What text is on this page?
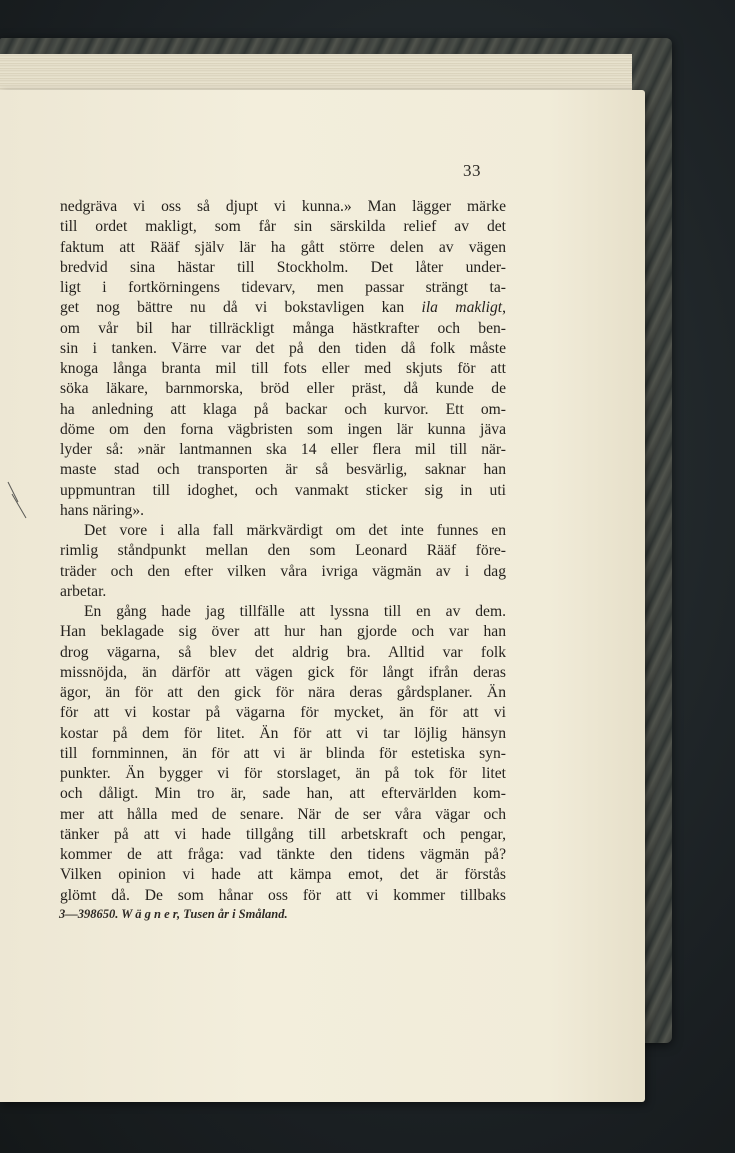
33
nedgräva vi oss så djupt vi kunna.» Man lägger märke
till ordet makligt, som får sin särskilda relief av det
faktum att Rääf själv lär ha gått större delen av vägen
bredvid sina hästar till Stockholm. Det låter under-
ligt i fortkörningens tidevarv, men passar strängt ta-
get nog bättre nu då vi bokstavligen kan ila makligt,
om vår bil har tillräckligt många hästkrafter och ben-
sin i tanken. Värre var det på den tiden då folk måste
knoga långa branta mil till fots eller med skjuts för att
söka läkare, barnmorska, bröd eller präst, då kunde de
ha anledning att klaga på backar och kurvor. Ett om-
döme om den forna vägbristen som ingen lär kunna jäva
lyder så: »när lantmannen ska 14 eller flera mil till när-
maste stad och transporten är så besvärlig, saknar han
uppmuntran till idoghet, och vanmakt sticker sig in uti
hans näring».
Det vore i alla fall märkvärdigt om det inte funnes en
rimlig ståndpunkt mellan den som Leonard Rääf före-
träder och den efter vilken våra ivriga vägmän av i dag
arbetar.
En gång hade jag tillfälle att lyssna till en av dem.
Han beklagade sig över att hur han gjorde och var han
drog vägarna, så blev det aldrig bra. Alltid var folk
missnöjda, än därför att vägen gick för långt ifrån deras
ägor, än för att den gick för nära deras gårdsplaner. Än
för att vi kostar på vägarna för mycket, än för att vi
kostar på dem för litet. Än för att vi tar löjlig hänsyn
till fornminnen, än för att vi är blinda för estetiska syn-
punkter. Än bygger vi för storslaget, än på tok för litet
och dåligt. Min tro är, sade han, att eftervärlden kom-
mer att hålla med de senare. När de ser våra vägar och
tänker på att vi hade tillgång till arbetskraft och pengar,
kommer de att fråga: vad tänkte den tidens vägmän på?
Vilken opinion vi hade att kämpa emot, det är förstås
glömt då. De som hånar oss för att vi kommer tillbaks
3—398650. W ä g n e r, Tusen år i Småland.
